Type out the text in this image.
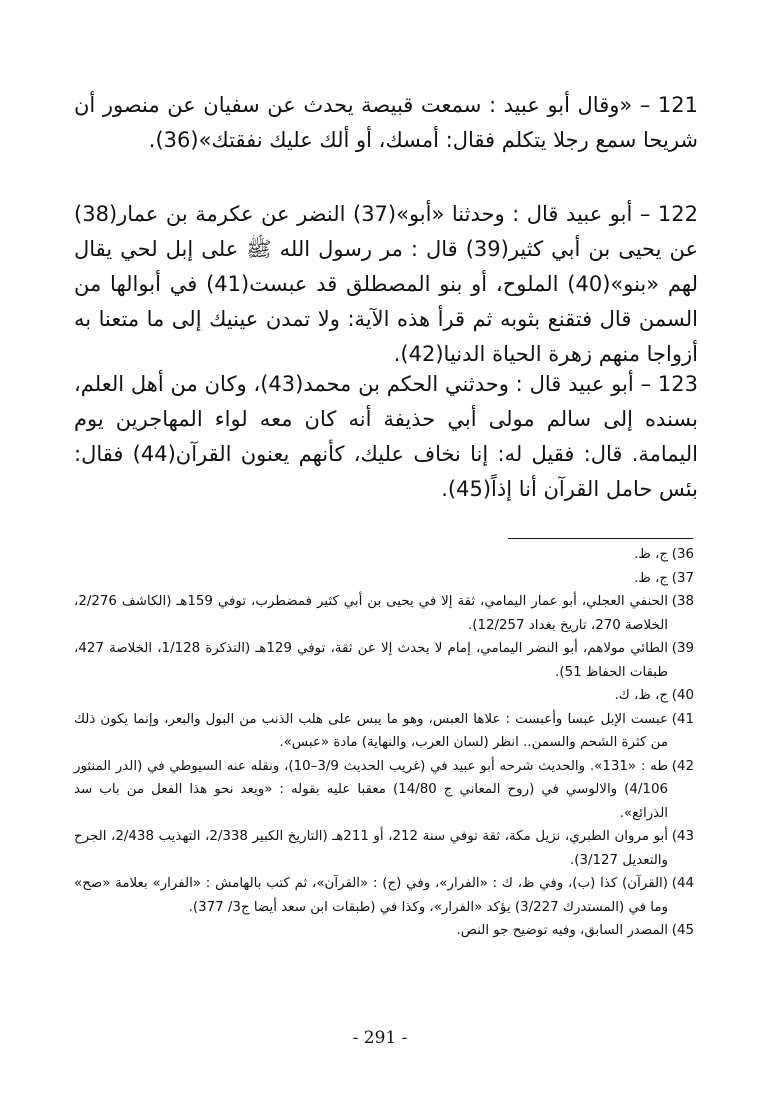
121 – «وقال أبو عبيد : سمعت قبيصة يحدث عن سفيان عن منصور أن شريحا سمع رجلا يتكلم فقال: أمسك، أو ألك عليك نفقتك»(36).

122 – أبو عبيد قال : وحدثنا «أبو»(37) النضر عن عكرمة بن عمار(38) عن يحيى بن أبي كثير(39) قال : مر رسول الله ﷺ على إبل لحي يقال لهم «بنو»(40) الملوح، أو بنو المصطلق قد عبست(41) في أبوالها من السمن قال فتقنع بثوبه ثم قرأ هذه الآية: ولا تمدن عينيك إلى ما متعنا به أزواجا منهم زهرة الحياة الدنيا(42).

123 – أبو عبيد قال : وحدثني الحكم بن محمد(43)، وكان من أهل العلم، بسنده إلى سالم مولى أبي حذيفة أنه كان معه لواء المهاجرين يوم اليمامة. قال: فقيل له: إنا نخاف عليك، كأنهم يعنون القرآن(44) فقال: بئس حامل القرآن أنا إذاً(45).

36)
ج، ظ.
37)
ج، ظ.
38)
الحنفي العجلي، أبو عمار اليمامي، ثقة إلا في يحيى بن أبي كثير فمضطرب، توفي 159هـ (الكاشف 2/276، الخلاصة 270، تاريخ بغداد 12/257).
39)
الطائي مولاهم، أبو النضر اليمامي، إمام لا يحدث إلا عن ثقة، توفي 129هـ (التذكرة 1/128، الخلاصة 427، طبقات الحفاظ 51).
40)
ج، ظ، ك.
41)
عبست الإبل عبسا وأعبست : علاها العبس، وهو ما يبس على هلب الذنب من البول والبعر، وإنما يكون ذلك من كثرة الشحم والسمن.. انظر (لسان العرب، والنهاية) مادة «عبس».
42)
طه : «131». والحديث شرحه أبو عبيد في (غريب الحديث 3/9–10)، ونقله عنه السيوطي في (الدر المنثور 4/106) والالوسي في (روح المعاني ج 14/80) معقبا عليه بقوله : «ويعد نحو هذا الفعل من باب سد الذرائع».
43)
أبو مروان الطبري، نزيل مكة، ثقة توفي سنة 212، أو 211هـ (التاريخ الكبير 2/338، التهذيب 2/438، الجرح والتعديل 3/127).
44)
(القرآن) كذا (ب)، وفي ظ، ك : «الفرار»، وفي (ج) : «القرآن»، ثم كتب بالهامش : «الفرار» بعلامة «صح» وما في (المستدرك 3/227) يؤكد «الفرار»، وكذا في (طبقات ابن سعد أيضا ج3/ 377).
45)
المصدر السابق، وفيه توضيح جو النص.
- 291 -
